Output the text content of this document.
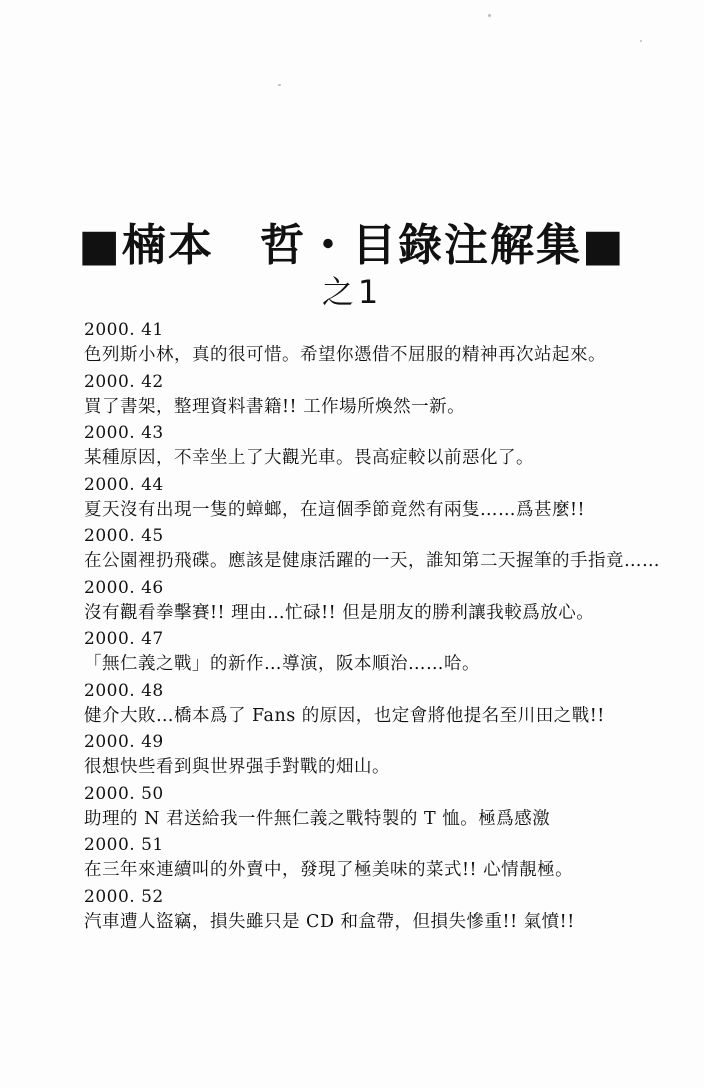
■楠本　哲・目錄注解集■
之1
2000. 41
色列斯小林，真的很可惜。希望你憑借不屈服的精神再次站起來。
2000. 42
買了書架，整理資料書籍!! 工作場所煥然一新。
2000. 43
某種原因，不幸坐上了大觀光車。畏高症較以前惡化了。
2000. 44
夏天沒有出現一隻的蟑螂，在這個季節竟然有兩隻……爲甚麼!!
2000. 45
在公園裡扔飛碟。應該是健康活躍的一天，誰知第二天握筆的手指竟……
2000. 46
沒有觀看拳擊賽!! 理由…忙碌!! 但是朋友的勝利讓我較爲放心。
2000. 47
「無仁義之戰」的新作…導演，阪本順治……哈。
2000. 48
健介大敗…橋本爲了 Fans 的原因，也定會將他提名至川田之戰!!
2000. 49
很想快些看到與世界强手對戰的畑山。
2000. 50
助理的 N 君送給我一件無仁義之戰特製的 T 恤。極爲感激
2000. 51
在三年來連續叫的外賣中，發現了極美味的菜式!! 心情靚極。
2000. 52
汽車遭人盜竊，損失雖只是 CD 和盒帶，但損失慘重!! 氣憤!!
